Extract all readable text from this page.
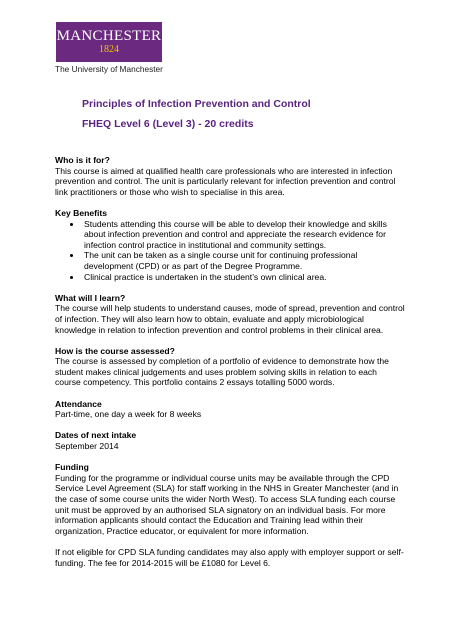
MANCHESTER
1824
The University of Manchester
Principles of Infection Prevention and Control
FHEQ Level 6 (Level 3) - 20 credits

Who is it for?
This course is aimed at qualified health care professionals who are interested in infection prevention and control. The unit is particularly relevant for infection prevention and control link practitioners or those who wish to specialise in this area.

Key Benefits
• Students attending this course will be able to develop their knowledge and skills about infection prevention and control and appreciate the research evidence for infection control practice in institutional and community settings.
• The unit can be taken as a single course unit for continuing professional development (CPD) or as part of the Degree Programme.
• Clinical practice is undertaken in the student’s own clinical area.

What will I learn?
The course will help students to understand causes, mode of spread, prevention and control of infection. They will also learn how to obtain, evaluate and apply microbiological knowledge in relation to infection prevention and control problems in their clinical area.

How is the course assessed?
The course is assessed by completion of a portfolio of evidence to demonstrate how the student makes clinical judgements and uses problem solving skills in relation to each course competency. This portfolio contains 2 essays totalling 5000 words.

Attendance
Part-time, one day a week for 8 weeks

Dates of next intake
September 2014

Funding
Funding for the programme or individual course units may be available through the CPD Service Level Agreement (SLA) for staff working in the NHS in Greater Manchester (and in the case of some course units the wider North West). To access SLA funding each course unit must be approved by an authorised SLA signatory on an individual basis. For more information applicants should contact the Education and Training lead within their organization, Practice educator, or equivalent for more information.

If not eligible for CPD SLA funding candidates may also apply with employer support or self-funding. The fee for 2014-2015 will be £1080 for Level 6.
